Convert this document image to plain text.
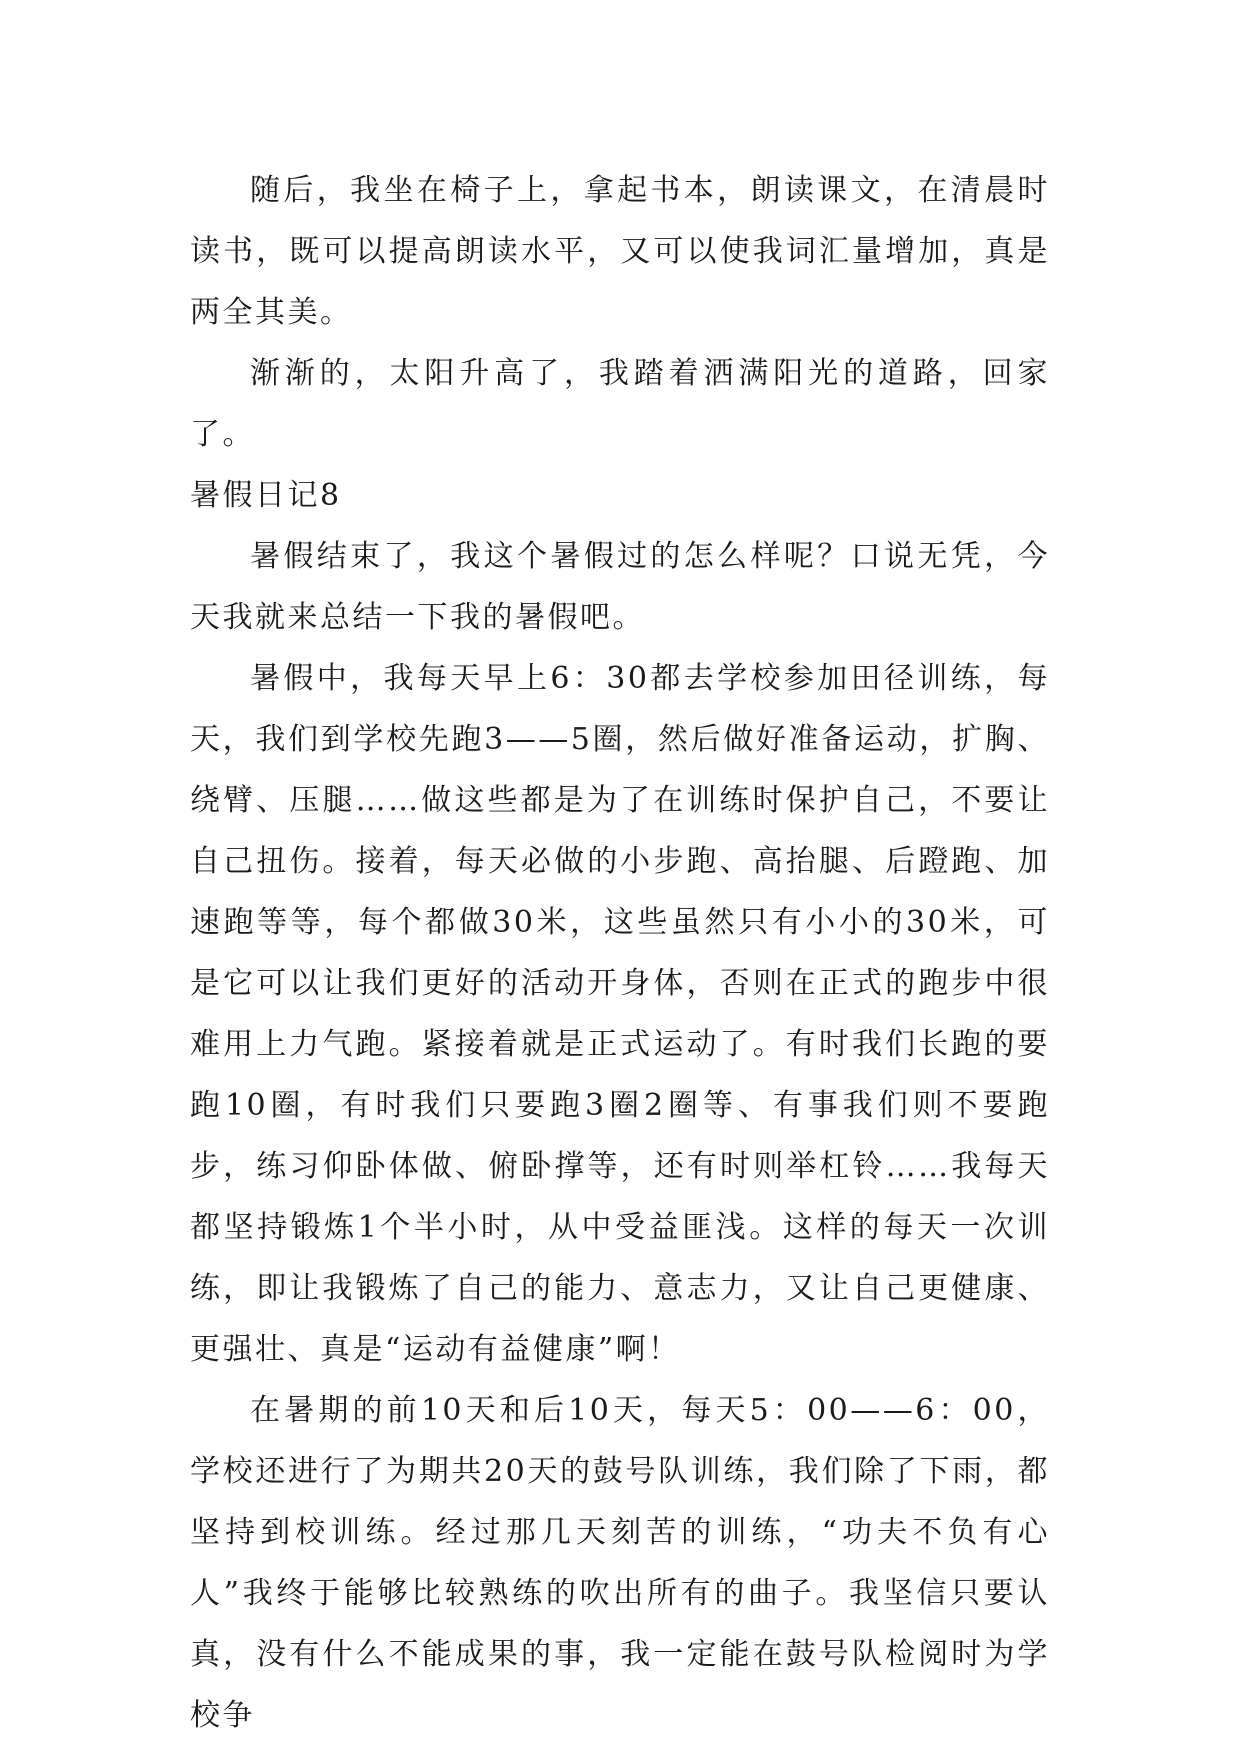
随后，我坐在椅子上，拿起书本，朗读课文，在清晨时读书，既可以提高朗读水平，又可以使我词汇量增加，真是两全其美。

渐渐的，太阳升高了，我踏着洒满阳光的道路，回家了。

暑假日记8

暑假结束了，我这个暑假过的怎么样呢？口说无凭，今天我就来总结一下我的暑假吧。

暑假中，我每天早上6：30都去学校参加田径训练，每天，我们到学校先跑3——5圈，然后做好准备运动，扩胸、绕臂、压腿……做这些都是为了在训练时保护自己，不要让自己扭伤。接着，每天必做的小步跑、高抬腿、后蹬跑、加速跑等等，每个都做30米，这些虽然只有小小的30米，可是它可以让我们更好的活动开身体，否则在正式的跑步中很难用上力气跑。紧接着就是正式运动了。有时我们长跑的要跑10圈，有时我们只要跑3圈2圈等、有事我们则不要跑步，练习仰卧体做、俯卧撑等，还有时则举杠铃……我每天都坚持锻炼1个半小时，从中受益匪浅。这样的每天一次训练，即让我锻炼了自己的能力、意志力，又让自己更健康、更强壮、真是“运动有益健康”啊！

在暑期的前10天和后10天，每天5：00——6：00，学校还进行了为期共20天的鼓号队训练，我们除了下雨，都坚持到校训练。经过那几天刻苦的训练，“功夫不负有心人”我终于能够比较熟练的吹出所有的曲子。我坚信只要认真，没有什么不能成果的事，我一定能在鼓号队检阅时为学校争
